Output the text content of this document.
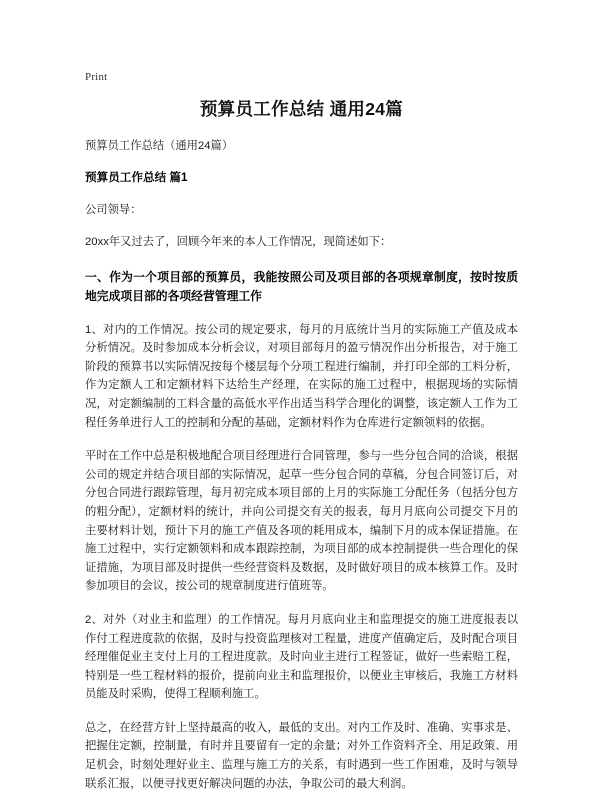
Print
预算员工作总结 通用24篇

预算员工作总结（通用24篇）

预算员工作总结 篇1

公司领导：

20xx年又过去了，回顾今年来的本人工作情况，现简述如下：

一、作为一个项目部的预算员，我能按照公司及项目部的各项规章制度，按时按质地完成项目部的各项经营管理工作

1、对内的工作情况。按公司的规定要求，每月的月底统计当月的实际施工产值及成本分析情况。及时参加成本分析会议，对项目部每月的盈亏情况作出分析报告，对于施工阶段的预算书以实际情况按每个楼层每个分项工程进行编制，并打印全部的工料分析，作为定额人工和定额材料下达给生产经理，在实际的施工过程中，根据现场的实际情况，对定额编制的工料含量的高低水平作出适当科学合理化的调整，该定额人工作为工程任务单进行人工的控制和分配的基础，定额材料作为仓库进行定额领料的依据。

平时在工作中总是积极地配合项目经理进行合同管理，参与一些分包合同的洽谈，根据公司的规定并结合项目部的实际情况，起草一些分包合同的草稿，分包合同签订后，对分包合同进行跟踪管理，每月初完成本项目部的上月的实际施工分配任务（包括分包方的粗分配），定额材料的统计，并向公司提交有关的报表，每月月底向公司提交下月的主要材料计划，预计下月的施工产值及各项的耗用成本，编制下月的成本保证措施。在施工过程中，实行定额领料和成本跟踪控制，为项目部的成本控制提供一些合理化的保证措施，为项目部及时提供一些经营资料及数据，及时做好项目的成本核算工作。及时参加项目的会议，按公司的规章制度进行值班等。

2、对外（对业主和监理）的工作情况。每月月底向业主和监理提交的施工进度报表以作付工程进度款的依据，及时与投资监理核对工程量，进度产值确定后，及时配合项目经理催促业主支付上月的工程进度款。及时向业主进行工程签证，做好一些索赔工程，特别是一些工程材料的报价，提前向业主和监理报价，以便业主审核后，我施工方材料员能及时采购，使得工程顺利施工。

总之，在经营方针上坚持最高的收入，最低的支出。对内工作及时、准确、实事求是、把握住定额，控制量，有时并且要留有一定的余量；对外工作资料齐全、用足政策、用足机会，时刻处理好业主、监理与施工方的关系，有时遇到一些工作困难，及时与领导联系汇报，以便寻找更好解决问题的办法，争取公司的最大利润。
